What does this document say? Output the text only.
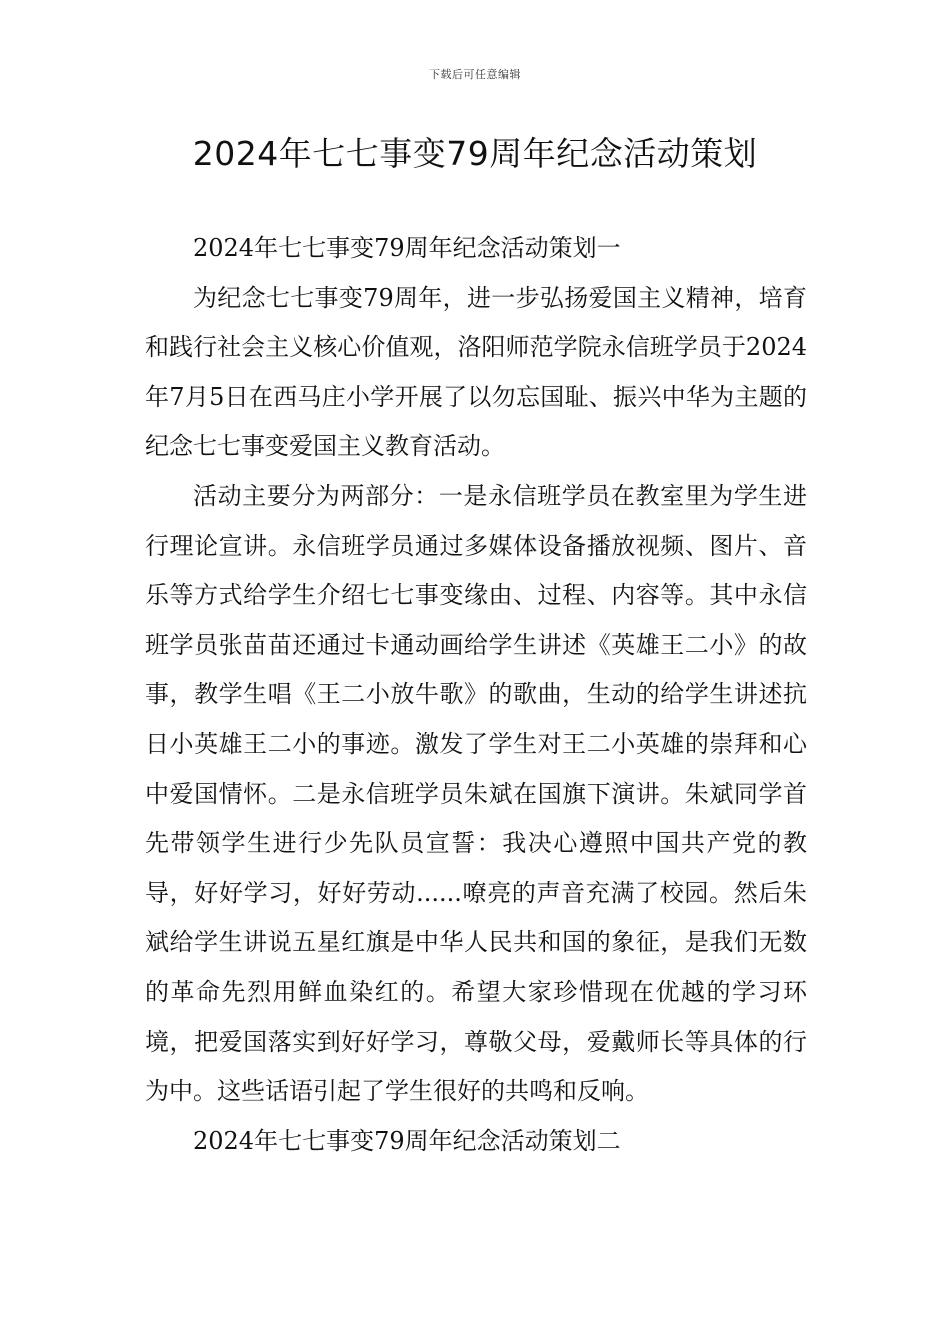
下载后可任意编辑
2024年七七事变79周年纪念活动策划

2024年七七事变79周年纪念活动策划一

为纪念七七事变79周年，进一步弘扬爱国主义精神，培育和践行社会主义核心价值观，洛阳师范学院永信班学员于2024年7月5日在西马庄小学开展了以勿忘国耻、振兴中华为主题的纪念七七事变爱国主义教育活动。

活动主要分为两部分：一是永信班学员在教室里为学生进行理论宣讲。永信班学员通过多媒体设备播放视频、图片、音乐等方式给学生介绍七七事变缘由、过程、内容等。其中永信班学员张苗苗还通过卡通动画给学生讲述《英雄王二小》的故事，教学生唱《王二小放牛歌》的歌曲，生动的给学生讲述抗日小英雄王二小的事迹。激发了学生对王二小英雄的崇拜和心中爱国情怀。二是永信班学员朱斌在国旗下演讲。朱斌同学首先带领学生进行少先队员宣誓：我决心遵照中国共产党的教导，好好学习，好好劳动......嘹亮的声音充满了校园。然后朱斌给学生讲说五星红旗是中华人民共和国的象征，是我们无数的革命先烈用鲜血染红的。希望大家珍惜现在优越的学习环境，把爱国落实到好好学习，尊敬父母，爱戴师长等具体的行为中。这些话语引起了学生很好的共鸣和反响。

2024年七七事变79周年纪念活动策划二
